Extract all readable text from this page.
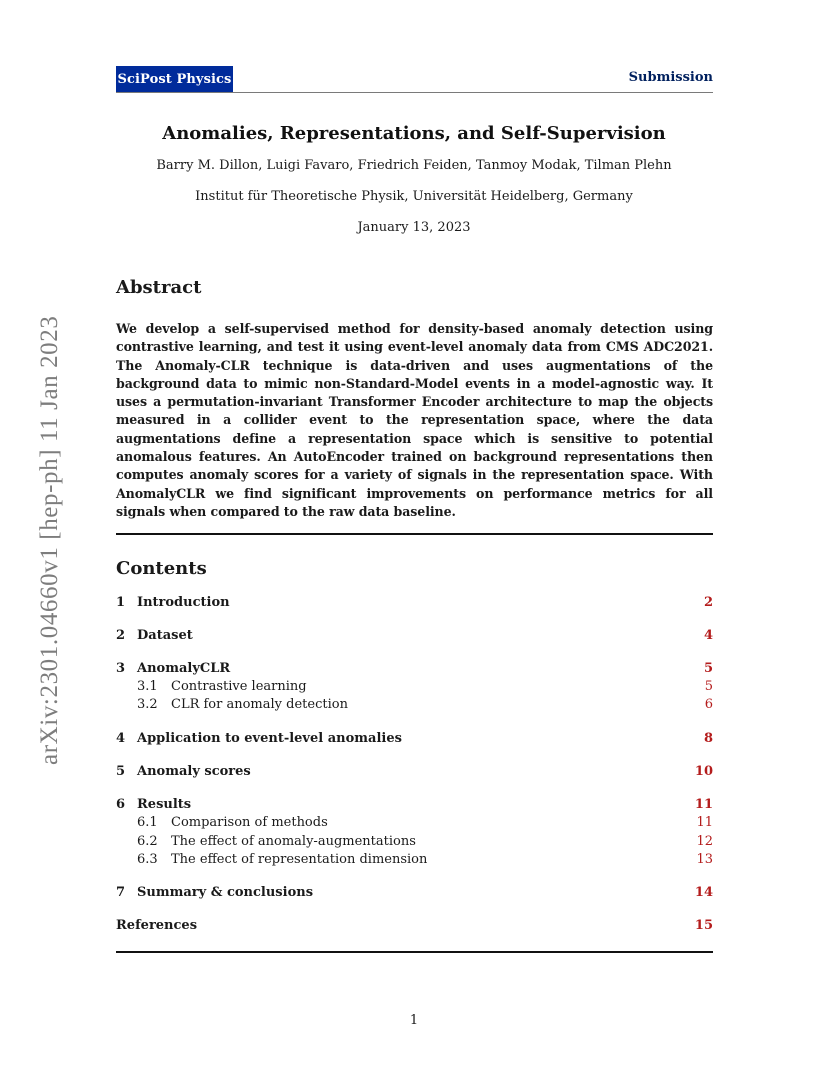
SciPost Physics	Submission
arXiv:2301.04660v1 [hep-ph] 11 Jan 2023
Anomalies, Representations, and Self-Supervision
Barry M. Dillon, Luigi Favaro, Friedrich Feiden, Tanmoy Modak, Tilman Plehn
Institut für Theoretische Physik, Universität Heidelberg, Germany
January 13, 2023
Abstract
We develop a self-supervised method for density-based anomaly detection using contrastive learning, and test it using event-level anomaly data from CMS ADC2021. The Anomaly-CLR technique is data-driven and uses augmentations of the background data to mimic non-Standard-Model events in a model-agnostic way. It uses a permutation-invariant Transformer Encoder architecture to map the objects measured in a collider event to the representation space, where the data augmentations define a representation space which is sensitive to potential anomalous features. An AutoEncoder trained on background representations then computes anomaly scores for a variety of signals in the representation space. With AnomalyCLR we find significant improvements on performance metrics for all signals when compared to the raw data baseline.
Contents
1 Introduction	2
2 Dataset	4
3 AnomalyCLR	5
3.1	Contrastive learning	5
3.2	CLR for anomaly detection	6
4 Application to event-level anomalies	8
5 Anomaly scores	10
6 Results	11
6.1	Comparison of methods	11
6.2	The effect of anomaly-augmentations	12
6.3	The effect of representation dimension	13
7 Summary & conclusions	14
References	15
1
